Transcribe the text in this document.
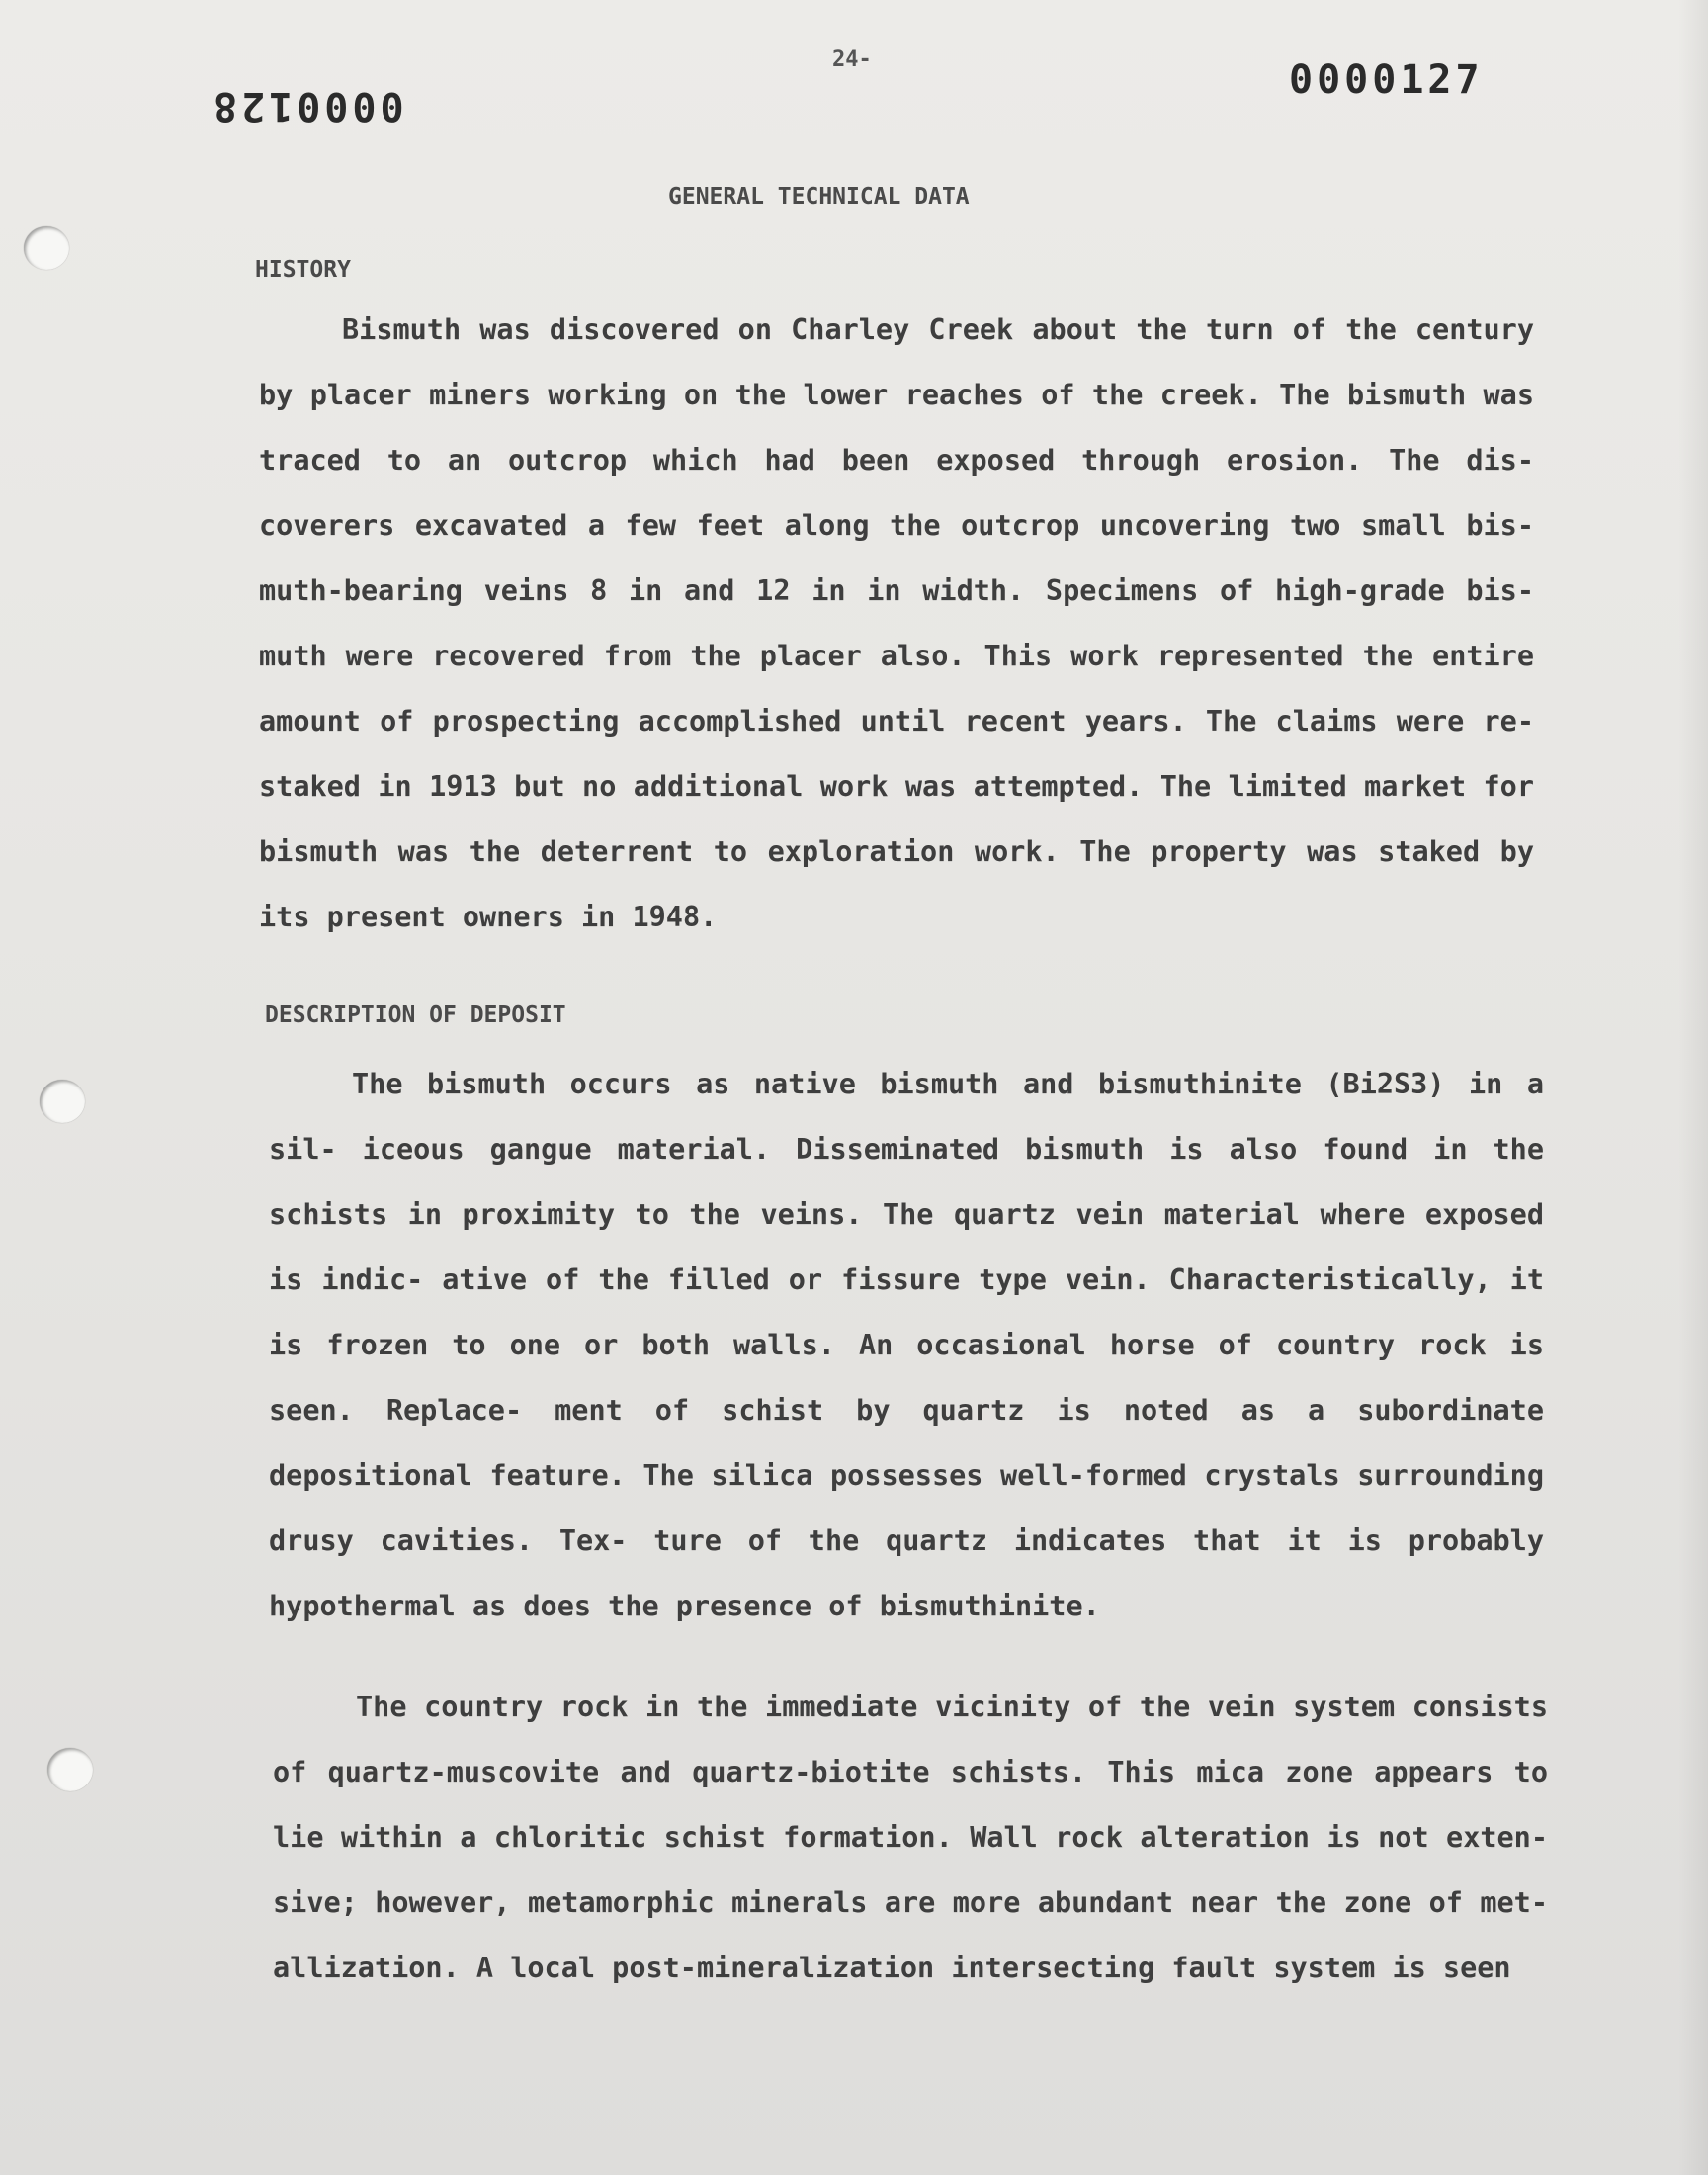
0000128
24-	0000127
GENERAL TECHNICAL DATA
HISTORY

Bismuth was discovered on Charley Creek about the turn of the century by placer miners working on the lower reaches of the creek. The bismuth was traced to an outcrop which had been exposed through erosion. The dis- coverers excavated a few feet along the outcrop uncovering two small bis- muth-bearing veins 8 in and 12 in in width. Specimens of high-grade bis- muth were recovered from the placer also. This work represented the entire amount of prospecting accomplished until recent years. The claims were re- staked in 1913 but no additional work was attempted. The limited market for bismuth was the deterrent to exploration work. The property was staked by its present owners in 1948.

DESCRIPTION OF DEPOSIT

The bismuth occurs as native bismuth and bismuthinite (Bi2S3) in a sil- iceous gangue material. Disseminated bismuth is also found in the schists in proximity to the veins. The quartz vein material where exposed is indic- ative of the filled or fissure type vein. Characteristically, it is frozen to one or both walls. An occasional horse of country rock is seen. Replace- ment of schist by quartz is noted as a subordinate depositional feature. The silica possesses well-formed crystals surrounding drusy cavities. Tex- ture of the quartz indicates that it is probably hypothermal as does the presence of bismuthinite.

The country rock in the immediate vicinity of the vein system consists of quartz-muscovite and quartz-biotite schists. This mica zone appears to lie within a chloritic schist formation. Wall rock alteration is not exten- sive; however, metamorphic minerals are more abundant near the zone of met- allization. A local post-mineralization intersecting fault system is seen
